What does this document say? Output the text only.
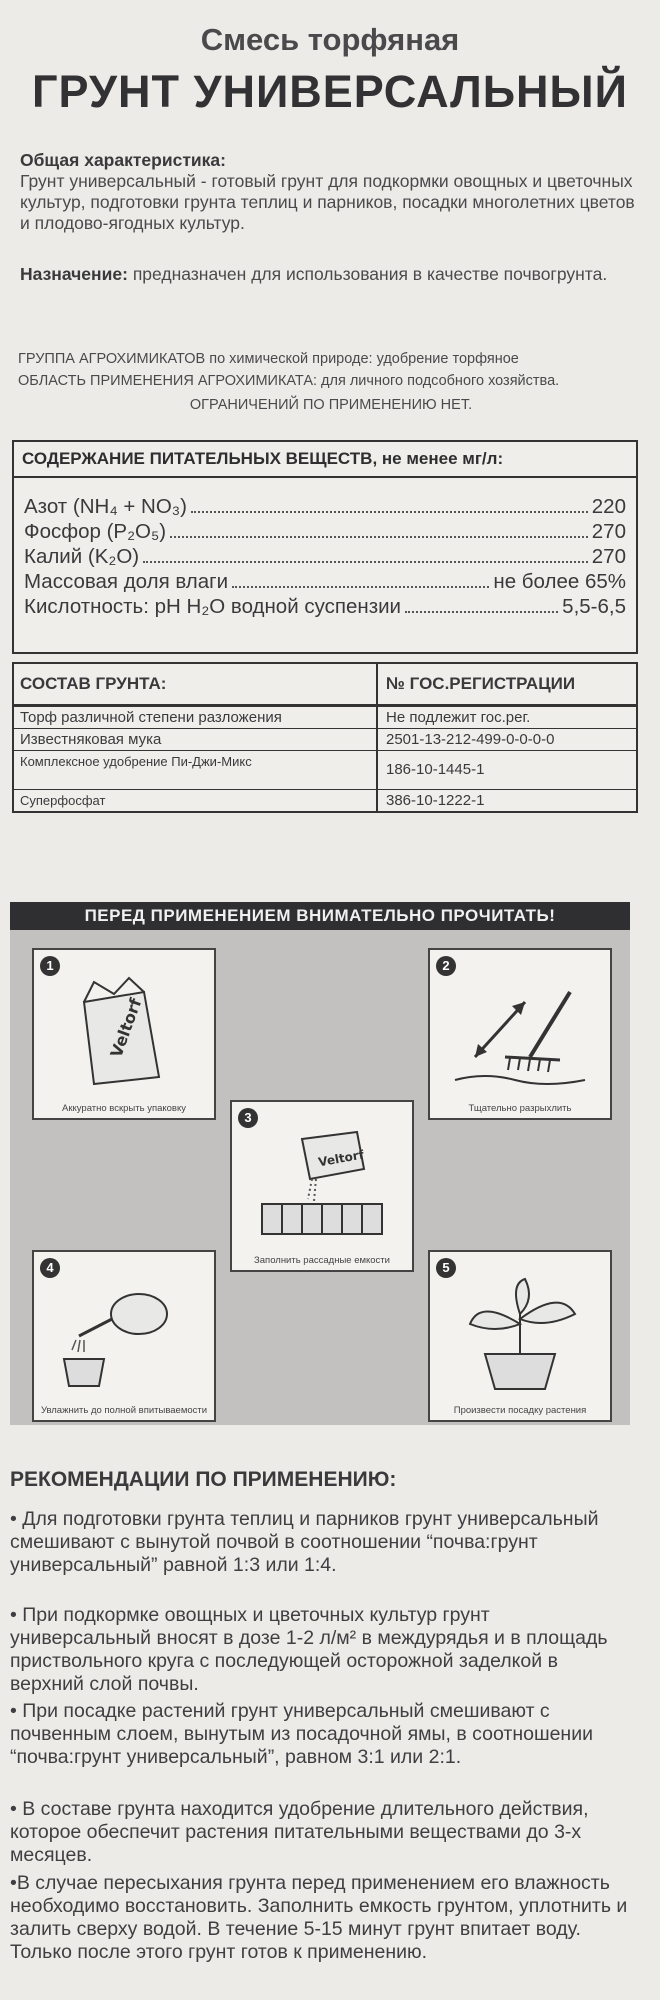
Смесь торфяная
ГРУНТ УНИВЕРСАЛЬНЫЙ
Общая характеристика:
Грунт универсальный - готовый грунт для подкормки овощных и цветочных культур, подготовки грунта теплиц и парников, посадки многолетних цветов и плодово-ягодных культур.
Назначение: предназначен для использования в качестве почвогрунта.
ГРУППА АГРОХИМИКАТОВ по химической природе: удобрение торфяное
ОБЛАСТЬ ПРИМЕНЕНИЯ АГРОХИМИКАТА: для личного подсобного хозяйства.
ОГРАНИЧЕНИЙ ПО ПРИМЕНЕНИЮ НЕТ.
СОДЕРЖАНИЕ ПИТАТЕЛЬНЫХ ВЕЩЕСТВ, не менее мг/л:
Азот (NH₄ + NO₃)	220
Фосфор (P₂O₅)	270
Калий (K₂O)	270
Массовая доля влаги	не более 65%
Кислотность: рН H₂O водной суспензии	5,5-6,5
СОСТАВ ГРУНТА:	№ ГОС.РЕГИСТРАЦИИ
Торф различной степени разложения	Не подлежит гос.рег.
Известняковая мука	2501-13-212-499-0-0-0-0
Комплексное удобрение Пи-Джи-Микс	186-10-1445-1
Суперфосфат	386-10-1222-1
ПЕРЕД ПРИМЕНЕНИЕМ ВНИМАТЕЛЬНО ПРОЧИТАТЬ!
1
Veltorf
Аккуратно вскрыть упаковку
2
Тщательно разрыхлить
3
Veltorf
Заполнить рассадные емкости
4
Увлажнить до полной впитываемости
5
Произвести посадку растения
РЕКОМЕНДАЦИИ ПО ПРИМЕНЕНИЮ:
• Для подготовки грунта теплиц и парников грунт универсальный смешивают с вынутой почвой в соотношении “почва:грунт универсальный” равной 1:3 или 1:4.
• При подкормке овощных и цветочных культур грунт универсальный вносят в дозе 1-2 л/м² в междурядья и в площадь приствольного круга с последующей осторожной заделкой в верхний слой почвы.
• При посадке растений грунт универсальный смешивают с почвенным слоем, вынутым из посадочной ямы, в соотношении “почва:грунт универсальный”, равном 3:1 или 2:1.
• В составе грунта находится удобрение длительного действия, которое обеспечит растения питательными веществами до 3-х месяцев.
•В случае пересыхания грунта перед применением его влажность необходимо восстановить. Заполнить емкость грунтом, уплотнить и залить сверху водой. В течение 5-15 минут грунт впитает воду. Только после этого грунт готов к применению.
